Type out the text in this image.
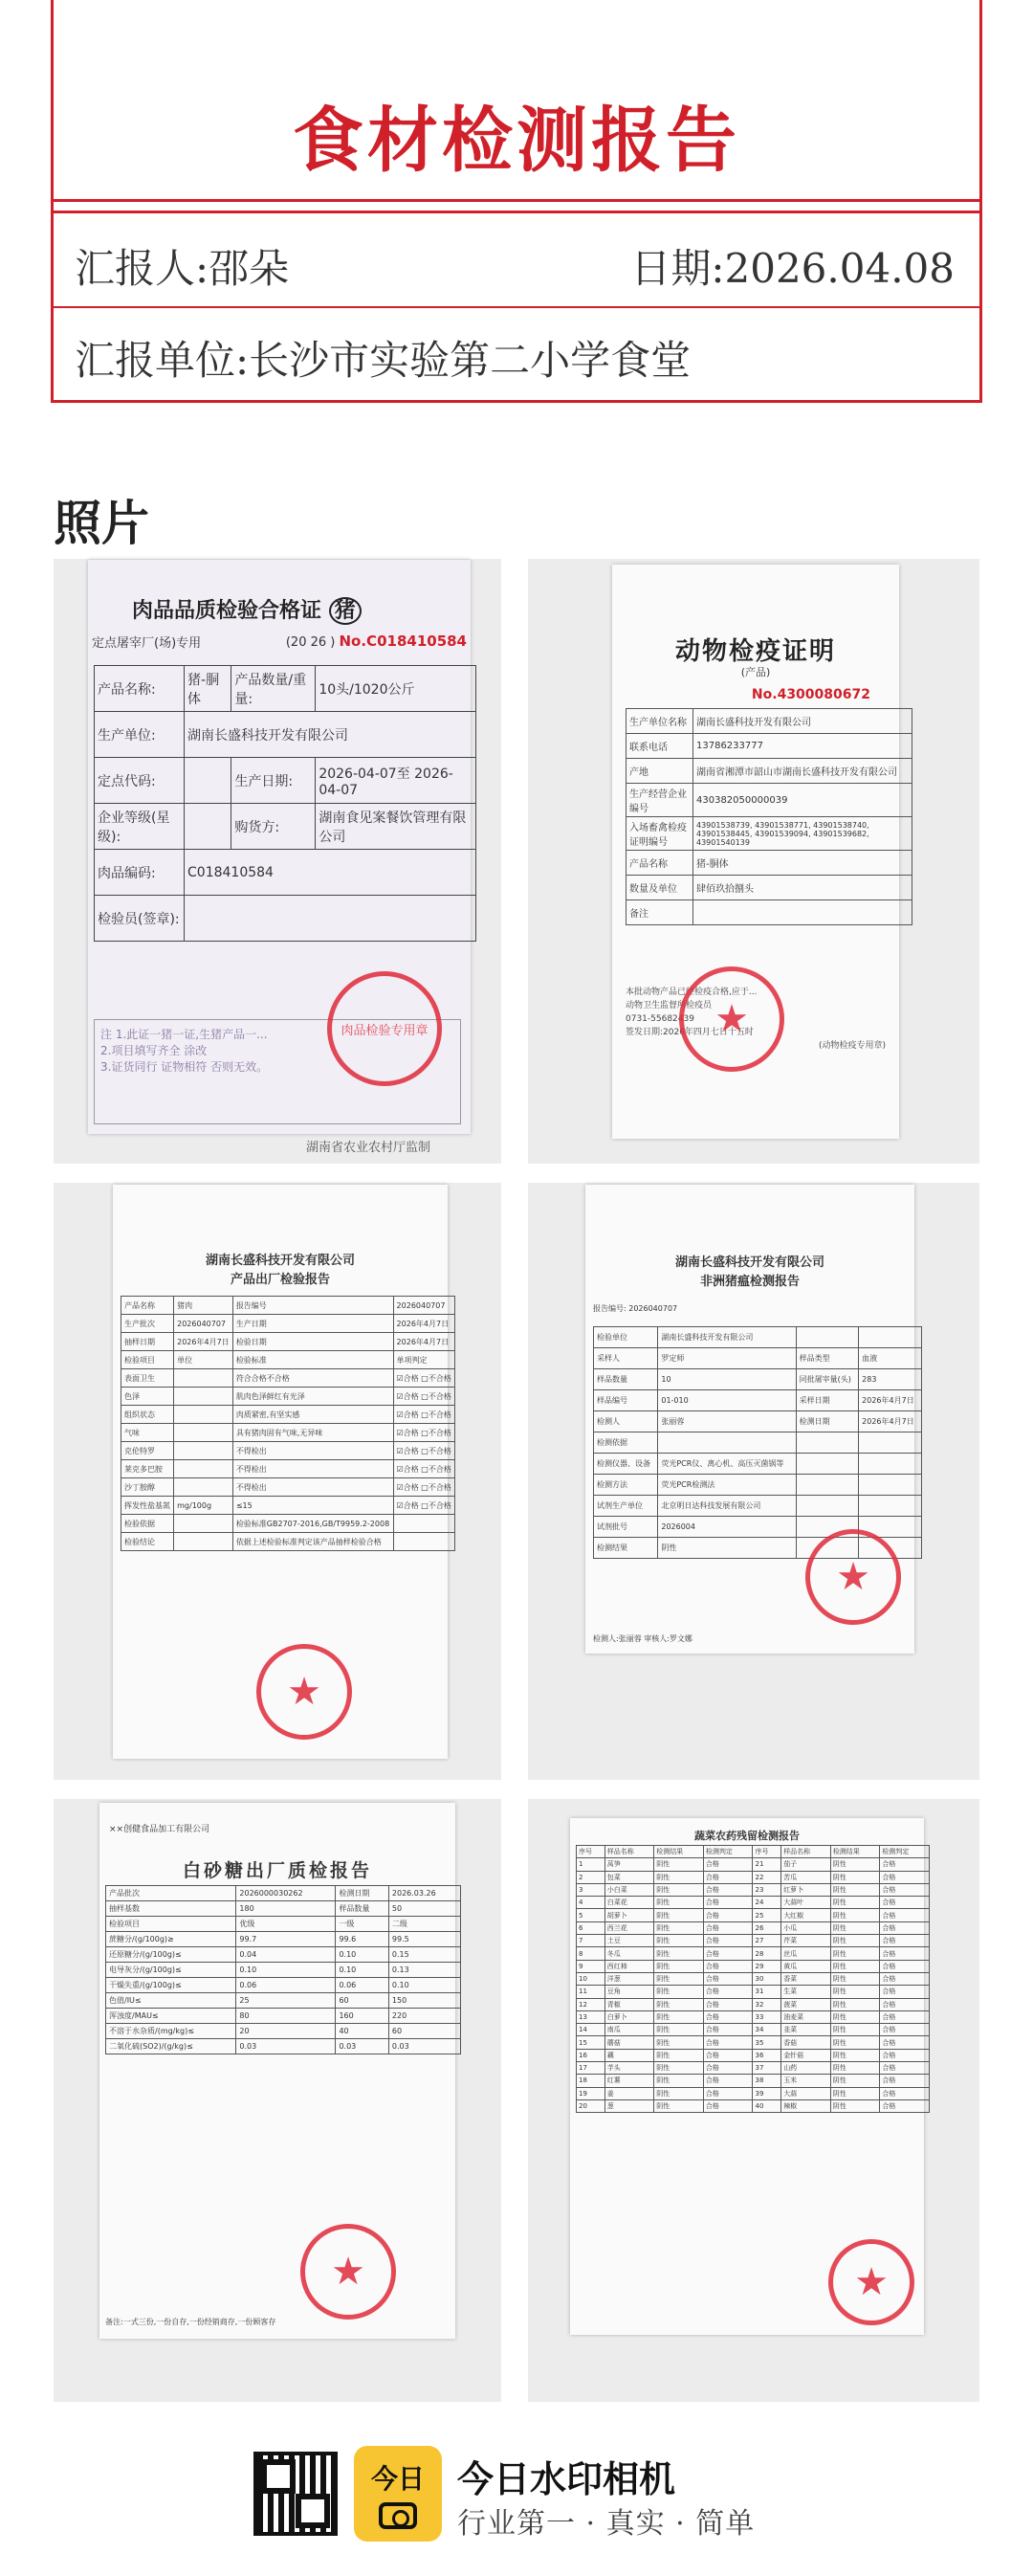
食材检测报告
汇报人:邵朵	日期:2026.04.08
汇报单位:长沙市实验第二小学食堂
照片
肉品品质检验合格证 猪
定点屠宰厂(场)专用	(20 26 ) No.C018410584
产品名称:	猪-胴体	产品数量/重量:	10头/1020公斤
生产单位:	湖南长盛科技开发有限公司		
定点代码:		生产日期:	2026-04-07至 2026-04-07
企业等级(星级):		购货方:	湖南食见案餐饮管理有限公司
肉品编码:	C018410584		
检验员(签章):			
注 1.此证一猪一证,生猪产品一...
2.项目填写齐全 涂改
3.证货同行 证物相符 否则无效。
肉品检验专用章
湖南省农业农村厅监制
动物检疫证明
(产品)
No.4300080672
生产单位名称	湖南长盛科技开发有限公司
联系电话	13786233777
产地	湖南省湘潭市韶山市湖南长盛科技开发有限公司
生产经营企业编号	430382050000039
入场畜禽检疫证明编号	43901538739, 43901538771, 43901538740, 43901538445, 43901539094, 43901539682, 43901540139
产品名称	猪-胴体
数量及单位	肆佰玖拾捌头
备注	
本批动物产品已经检疫合格,应于...
动物卫生监督所检疫员
0731-55682439
签发日期:2026年四月七日十五时
(动物检疫专用章)
★
湖南长盛科技开发有限公司
产品出厂检验报告
产品名称	猪肉	报告编号	2026040707
生产批次	2026040707	生产日期	2026年4月7日
抽样日期	2026年4月7日	检验日期	2026年4月7日
检验项目	单位	检验标准	单项判定
表面卫生		符合合格不合格	☑合格 □不合格
色泽		肌肉色泽鲜红有光泽	☑合格 □不合格
组织状态		肉质紧密,有坚实感	☑合格 □不合格
气味		具有猪肉固有气味,无异味	☑合格 □不合格
克伦特罗		不得检出	☑合格 □不合格
莱克多巴胺		不得检出	☑合格 □不合格
沙丁胺醇		不得检出	☑合格 □不合格
挥发性盐基氮	mg/100g	≤15	☑合格 □不合格
检验依据		检验标准GB2707-2016,GB/T9959.2-2008	
检验结论		依据上述检验标准判定该产品抽样检验合格	
★
湖南长盛科技开发有限公司
非洲猪瘟检测报告
报告编号: 2026040707
检验单位	湖南长盛科技开发有限公司		
采样人	罗定师	样品类型	血液
样品数量	10	同批屠宰量(头)	283
样品编号	01-010	采样日期	2026年4月7日
检测人	张丽蓉	检测日期	2026年4月7日
检测依据			
检测仪器、设备	荧光PCR仪、离心机、高压灭菌锅等		
检测方法	荧光PCR检测法		
试剂生产单位	北京明日达科技发展有限公司		
试剂批号	2026004		
检测结果	阴性		
检测人:张丽蓉 审核人:罗文娜
★
××创健食品加工有限公司
白砂糖出厂质检报告
产品批次	2026000030262	检测日期	2026.03.26
抽样基数	180	样品数量	50
检验项目	优级	一级	二级
蔗糖分/(g/100g)≥	99.7	99.6	99.5
还原糖分/(g/100g)≤	0.04	0.10	0.15
电导灰分/(g/100g)≤	0.10	0.10	0.13
干燥失重/(g/100g)≤	0.06	0.06	0.10
色值/IU≤	25	60	150
浑浊度/MAU≤	80	160	220
不溶于水杂质/(mg/kg)≤	20	40	60
二氧化硫(SO2)/(g/kg)≤	0.03	0.03	0.03
备注:一式三份,一份自存,一份经销商存,一份顾客存
★
蔬菜农药残留检测报告
序号	样品名称	检测结果	检测判定	序号	样品名称	检测结果	检测判定
1	莴笋	阴性	合格	21	茄子	阴性	合格
2	包菜	阴性	合格	22	苦瓜	阴性	合格
3	小白菜	阴性	合格	23	红萝卜	阴性	合格
4	白菜花	阴性	合格	24	大蒜叶	阴性	合格
5	胡萝卜	阴性	合格	25	大红椒	阴性	合格
6	西兰花	阴性	合格	26	小瓜	阴性	合格
7	土豆	阴性	合格	27	芹菜	阴性	合格
8	冬瓜	阴性	合格	28	丝瓜	阴性	合格
9	西红柿	阴性	合格	29	黄瓜	阴性	合格
10	洋葱	阴性	合格	30	香菜	阴性	合格
11	豆角	阴性	合格	31	生菜	阴性	合格
12	青椒	阴性	合格	32	菠菜	阴性	合格
13	白萝卜	阴性	合格	33	油麦菜	阴性	合格
14	南瓜	阴性	合格	34	韭菜	阴性	合格
15	蘑菇	阴性	合格	35	香菇	阴性	合格
16	藕	阴性	合格	36	金针菇	阴性	合格
17	芋头	阴性	合格	37	山药	阴性	合格
18	红薯	阴性	合格	38	玉米	阴性	合格
19	姜	阴性	合格	39	大蒜	阴性	合格
20	葱	阴性	合格	40	辣椒	阴性	合格
★
今日 今日水印相机
行业第一 · 真实 · 简单
